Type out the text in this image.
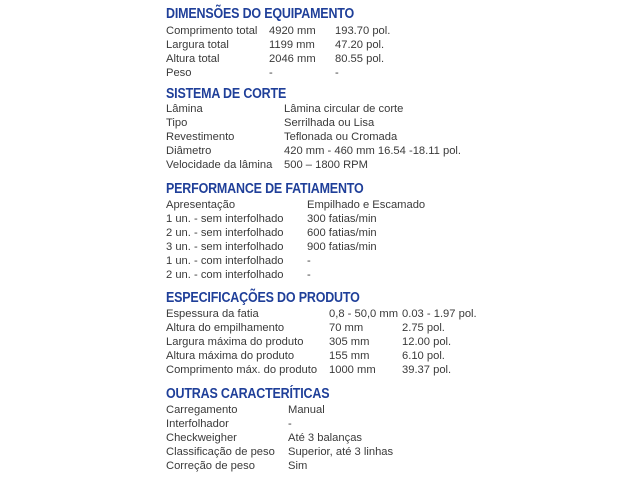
DIMENSÕES DO EQUIPAMENTO
Comprimento total 4920 mm 193.70 pol.
Largura total	1199 mm 47.20 pol.
Altura total	2046 mm 80.55 pol.
Peso	-	-
SISTEMA DE CORTE
Lâmina	Lâmina circular de corte
Tipo	Serrilhada ou Lisa
Revestimento	Teflonada ou Cromada
Diâmetro	420 mm - 460 mm 16.54 -18.11 pol.
Velocidade da lâmina 500 – 1800 RPM
PERFORMANCE DE FATIAMENTO
Apresentação	Empilhado e Escamado
1 un. - sem interfolhado 300 fatias/min
2 un. - sem interfolhado 600 fatias/min
3 un. - sem interfolhado 900 fatias/min
1 un. - com interfolhado -
2 un. - com interfolhado -
ESPECIFICAÇÕES DO PRODUTO
Espessura da fatia	0,8 - 50,0 mm 0.03 - 1.97 pol.
Altura do empilhamento	70 mm	2.75 pol.
Largura máxima do produto 305 mm	12.00 pol.
Altura máxima do produto	155 mm	6.10 pol.
Comprimento máx. do produto 1000 mm 39.37 pol.
OUTRAS CARACTERÍTICAS
Carregamento	Manual
Interfolhador	-
Checkweigher	Até 3 balanças
Classificação de peso Superior, até 3 linhas
Correção de peso	Sim
